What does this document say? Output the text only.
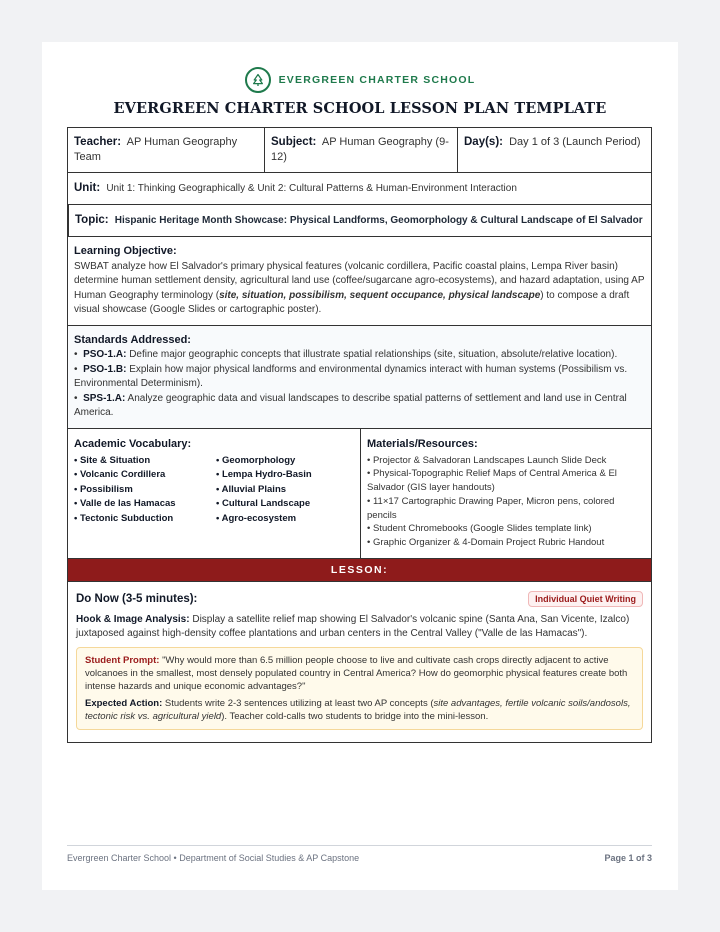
EVERGREEN CHARTER SCHOOL
EVERGREEN CHARTER SCHOOL LESSON PLAN TEMPLATE
Teacher: AP Human Geography Team
Subject: AP Human Geography (9-12)
Day(s): Day 1 of 3 (Launch Period)
Unit: Unit 1: Thinking Geographically & Unit 2: Cultural Patterns & Human-Environment Interaction
Topic: Hispanic Heritage Month Showcase: Physical Landforms, Geomorphology & Cultural Landscape of El Salvador
Learning Objective:
SWBAT analyze how El Salvador's primary physical features (volcanic cordillera, Pacific coastal plains, Lempa River basin) determine human settlement density, agricultural land use (coffee/sugarcane agro-ecosystems), and hazard adaptation, using AP Human Geography terminology (site, situation, possibilism, sequent occupance, physical landscape) to compose a draft visual showcase (Google Slides or cartographic poster).
Standards Addressed:
•  PSO-1.A: Define major geographic concepts that illustrate spatial relationships (site, situation, absolute/relative location).
•  PSO-1.B: Explain how major physical landforms and environmental dynamics interact with human systems (Possibilism vs. Environmental Determinism).
•  SPS-1.A: Analyze geographic data and visual landscapes to describe spatial patterns of settlement and land use in Central America.
Academic Vocabulary:
• Site & Situation	• Geomorphology
• Volcanic Cordillera	• Lempa Hydro-Basin
• Possibilism	• Alluvial Plains
• Valle de las Hamacas	• Cultural Landscape
• Tectonic Subduction	• Agro-ecosystem
Materials/Resources:
• Projector & Salvadoran Landscapes Launch Slide Deck
• Physical-Topographic Relief Maps of Central America & El Salvador (GIS layer handouts)
• 11×17 Cartographic Drawing Paper, Micron pens, colored pencils
• Student Chromebooks (Google Slides template link)
• Graphic Organizer & 4-Domain Project Rubric Handout
LESSON:
Do Now (3-5 minutes):	Individual Quiet Writing
Hook & Image Analysis: Display a satellite relief map showing El Salvador's volcanic spine (Santa Ana, San Vicente, Izalco) juxtaposed against high-density coffee plantations and urban centers in the Central Valley ("Valle de las Hamacas").
Student Prompt: "Why would more than 6.5 million people choose to live and cultivate cash crops directly adjacent to active volcanoes in the smallest, most densely populated country in Central America? How do geomorphic physical features create both intense hazards and unique economic advantages?"
Expected Action: Students write 2-3 sentences utilizing at least two AP concepts (site advantages, fertile volcanic soils/andosols, tectonic risk vs. agricultural yield). Teacher cold-calls two students to bridge into the mini-lesson.
Evergreen Charter School • Department of Social Studies & AP Capstone	Page 1 of 3
